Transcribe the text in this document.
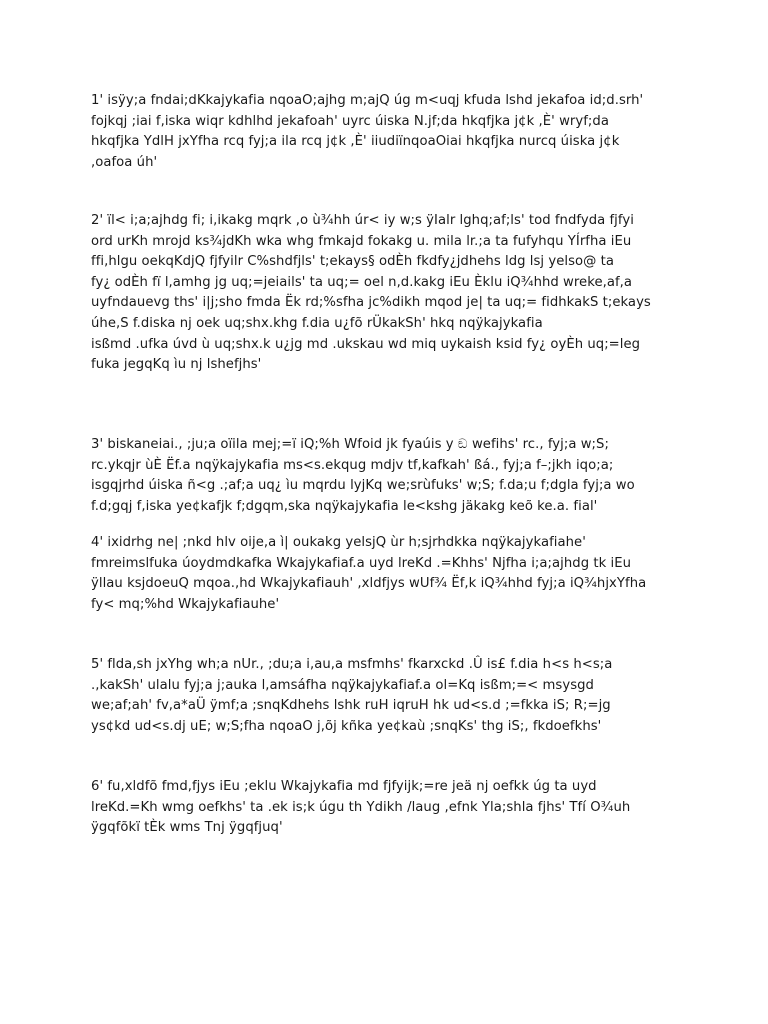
1' isÿy;a fndai;dKkajykafia nqoaO;ajhg m;ajQ úg m<uqj kfuda lshd jekafoa id;d.srh'
fojkqj ;iai f,iska wiqr kdhlhd jekafoah' uyrc úiska N.jf;da hkqfjka j¢k ,È' wryf;da
hkqfjka YdlH jxYfha rcq fyj;a ila rcq j¢k ,È' iiudiïnqoaOiai hkqfjka nurcq úiska j¢k
,oafoa úh'
2' ïl< i;a;ajhdg fi; i,ikakg mqrk ,o ù¾hh úr< iy w;s ÿIalr lghq;af;ls' tod fndfyda fjfyi
ord urKh mrojd ks¾jdKh wka whg fmkajd fokakg u. mila lr.;a ta fufyhqu YÍrfha iEu
ffi,hlgu oekqKdjQ fjfyilr C%shdfjls' t;ekays§ odÈh fkdfy¿jdhehs ldg lsj yelso@ ta
fy¿ odÈh fï l,amhg jg uq;=jeiails' ta uq;= oel n,d.kakg iEu Èklu iQ¾hhd wreke,af,a
uyfndauevg ths' i|j;sho fmda Ëk rd;%sfha jc%dikh mqod je| ta uq;= fidhkakS t;ekays
úhe,S f.diska nj oek uq;shx.khg f.dia u¿fõ rÜkakSh' hkq nqÿkajykafia
isßmd .ufka úvd ù uq;shx.k u¿jg md .ukskau wd miq uykaish ksid fy¿ oyÈh uq;=leg
fuka jegqKq ìu nj lshefjhs'
3' biskaneiai., ;ju;a oïila mej;=ï iQ;%h Wfoid jk fyaúis y ඞ wefihs' rc., fyj;a w;S;
rc.ykqjr ùÈ Ëf.a nqÿkajykafia ms<s.ekqug mdjv tf,kafkah' ßá., fyj;a f–;jkh iqo;a;
isgqjrhd úiska ñ<g .;af;a uq¿ ìu mqrdu lyjKq we;srùfuks' w;S; f.da;u f;dgla fyj;a wo
f.d;gqj f,iska ye¢kafjk f;dgqm,ska nqÿkajykafia le<kshg jäkakg keõ ke.a. fial'
4' ixidrhg ne| ;nkd hlv oije,a ì| oukakg yelsjQ ùr h;sjrhdkka nqÿkajykafiahe'
fmreimslfuka úoydmdkafka Wkajykafiaf.a uyd lreKd .=Khhs' Njfha i;a;ajhdg tk iEu
ÿllau ksjdoeuQ mqoa.,hd Wkajykafiauh' ,xldfjys wUf¾ Ëf,k iQ¾hhd fyj;a iQ¾hjxYfha
fy< mq;%hd Wkajykafiauhe'
5' flda,sh jxYhg wh;a nUr., ;du;a i,au,a msfmhs' fkarxckd .Û is£ f.dia h<s h<s;a
.,kakSh' ulalu fyj;a j;auka l,amsáfha nqÿkajykafiaf.a ol=Kq isßm;=< msysgd
we;af;ah' fv,a*aÜ ÿmf;a ;snqKdhehs lshk ruH iqruH hk ud<s.d ;=fkka iS; R;=jg
ys¢kd ud<s.dj uE; w;S;fha nqoaO j,õj kñka ye¢kaù ;snqKs' thg iS;, fkdoefkhs'
6' fu,xldfõ fmd,fjys iEu ;eklu Wkajykafia md fjfyijk;=re jeä nj oefkk úg ta uyd
lreKd.=Kh wmg oefkhs' ta .ek is;k úgu th Ydikh /laug ,efnk Yla;shla fjhs' Tfí O¾uh
ÿgqfõkï tÈk wms Tnj ÿgqfjuq'
